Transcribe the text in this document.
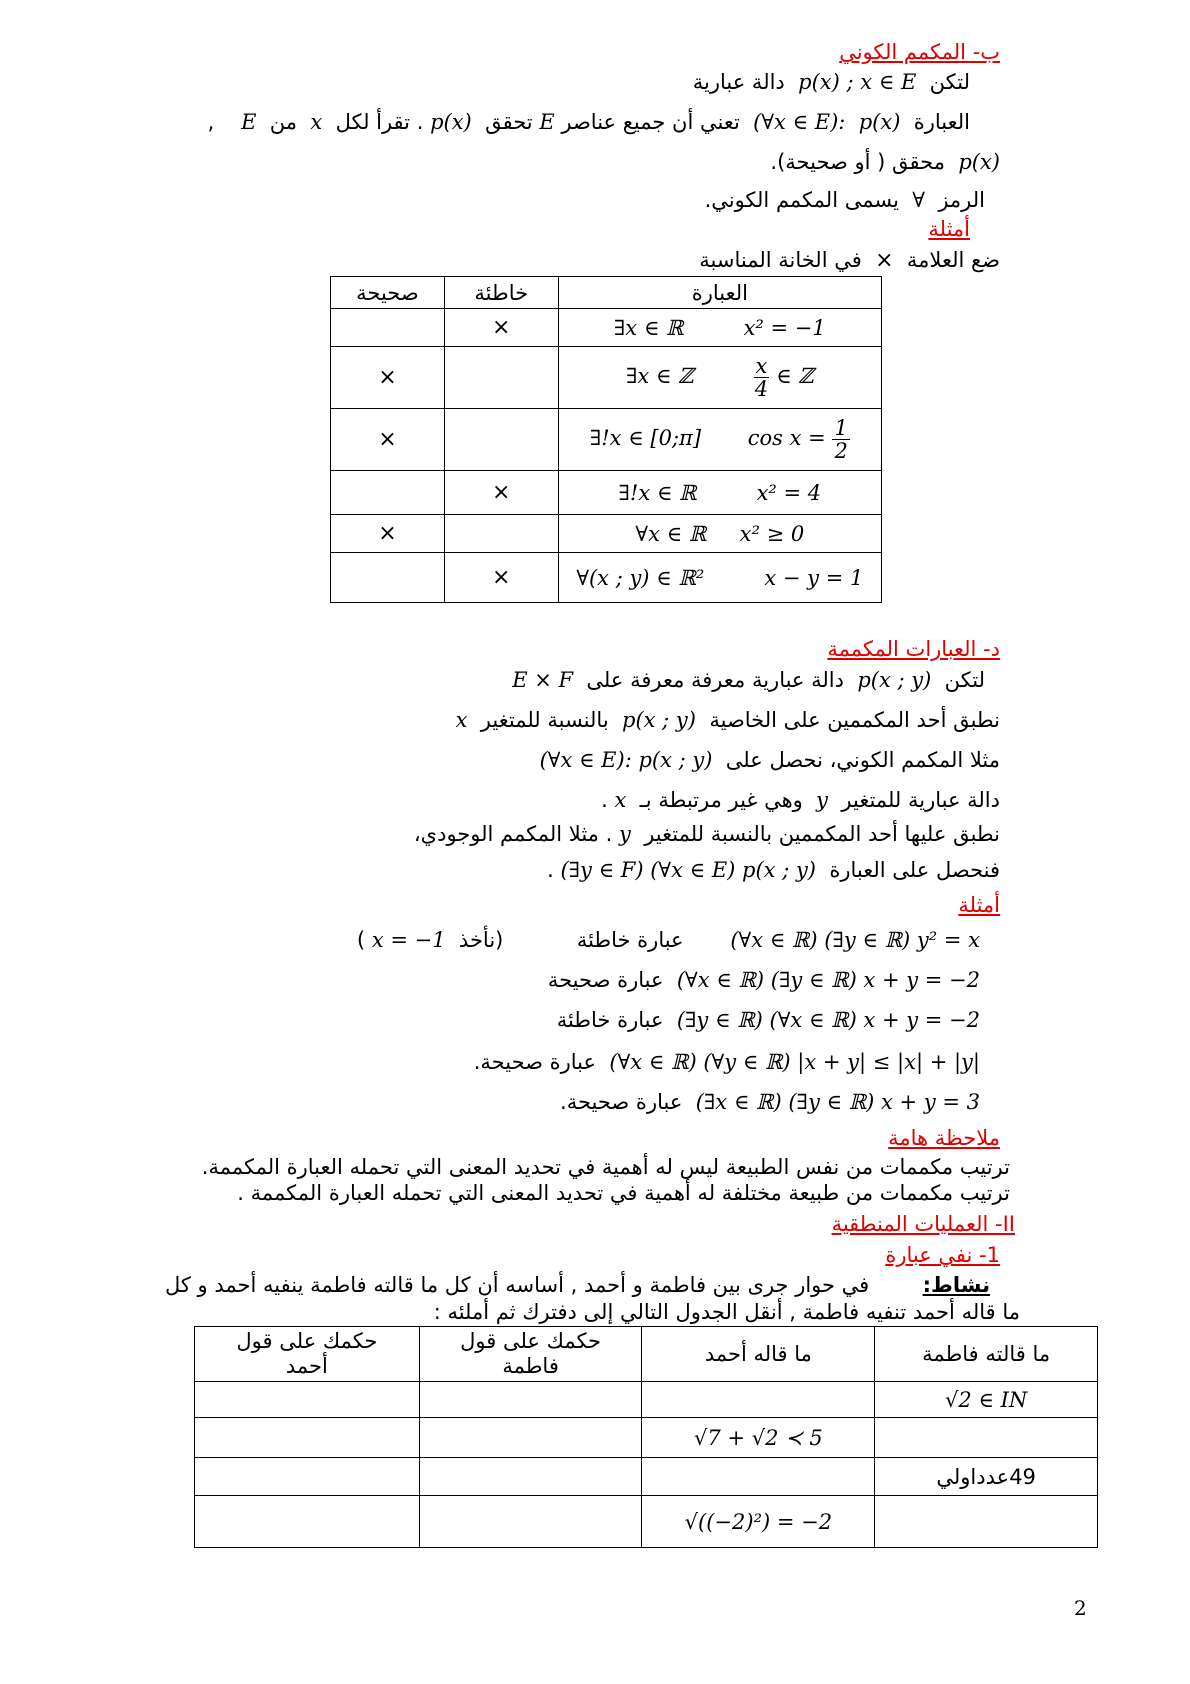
ب- المكمم الكوني
لتكن  p(x) ; x ∈ E  دالة عبارية
العبارة  p(x)  (∀x ∈ E):  تعني أن جميع عناصر E تحقق  p(x) . تقرأ لكل  x  من  E    ,
p(x)  محقق ( أو صحيحة).
الرمز  ∀  يسمى المكمم الكوني.
أمثلة
ضع العلامة  ×  في الخانة المناسبة
صحيحة	خاطئة	العبارة
	×	∃x ∈ ℝ x² = −1
×		∃x ∈ ℤ $\frac{x}{4}$ ∈ ℤ
×		∃!x ∈ [0;π] $\cos x = \frac{1}{2}$

	×	∃!x ∈ ℝ x² = 4
×		∀x ∈ ℝ x² ≥ 0
	×	∀(x ; y) ∈ ℝ² x − y = 1
د- العبارات المكممة
لتكن  p(x ; y)  دالة عبارية معرفة معرفة على  E × F
نطبق أحد المكممين على الخاصية  p(x ; y)  بالنسبة للمتغير  x
مثلا المكمم الكوني، نحصل على  (∀x ∈ E): p(x ; y)
دالة عبارية للمتغير  y  وهي غير مرتبطة بـ  x .
نطبق عليها أحد المكممين بالنسبة للمتغير  y . مثلا المكمم الوجودي،
فنحصل على العبارة  (∃y ∈ F) (∀x ∈ E) p(x ; y) .
أمثلة
(∀x ∈ ℝ) (∃y ∈ ℝ) y² = x       عبارة خاطئة           (نأخذ  x = −1 )
(∀x ∈ ℝ) (∃y ∈ ℝ) x + y = −2  عبارة صحيحة
(∃y ∈ ℝ) (∀x ∈ ℝ) x + y = −2  عبارة خاطئة
(∀x ∈ ℝ) (∀y ∈ ℝ) |x + y| ≤ |x| + |y|  عبارة صحيحة.
(∃x ∈ ℝ) (∃y ∈ ℝ) x + y = 3  عبارة صحيحة.
ملاحظة هامة
ترتيب مكممات من نفس الطبيعة ليس له أهمية في تحديد المعنى التي تحمله العبارة المكممة.
ترتيب مكممات من طبيعة مختلفة له أهمية في تحديد المعنى التي تحمله العبارة المكممة .
II- العمليات المنطقية
1- نفي عبارة
نشاط:        في حوار جرى بين فاطمة و أحمد , أساسه أن كل ما قالته فاطمة ينفيه أحمد و كل
ما قاله أحمد تنفيه فاطمة , أنقل الجدول التالي إلى دفترك ثم أملئه :
ما قالته فاطمة	ما قاله أحمد	حكمك على قول فاطمة	حكمك على قول أحمد
√2 ∈ IN			
	√7 + √2 ≺ 5		
49عدداولي			
	√((−2)²) = −2		
2
